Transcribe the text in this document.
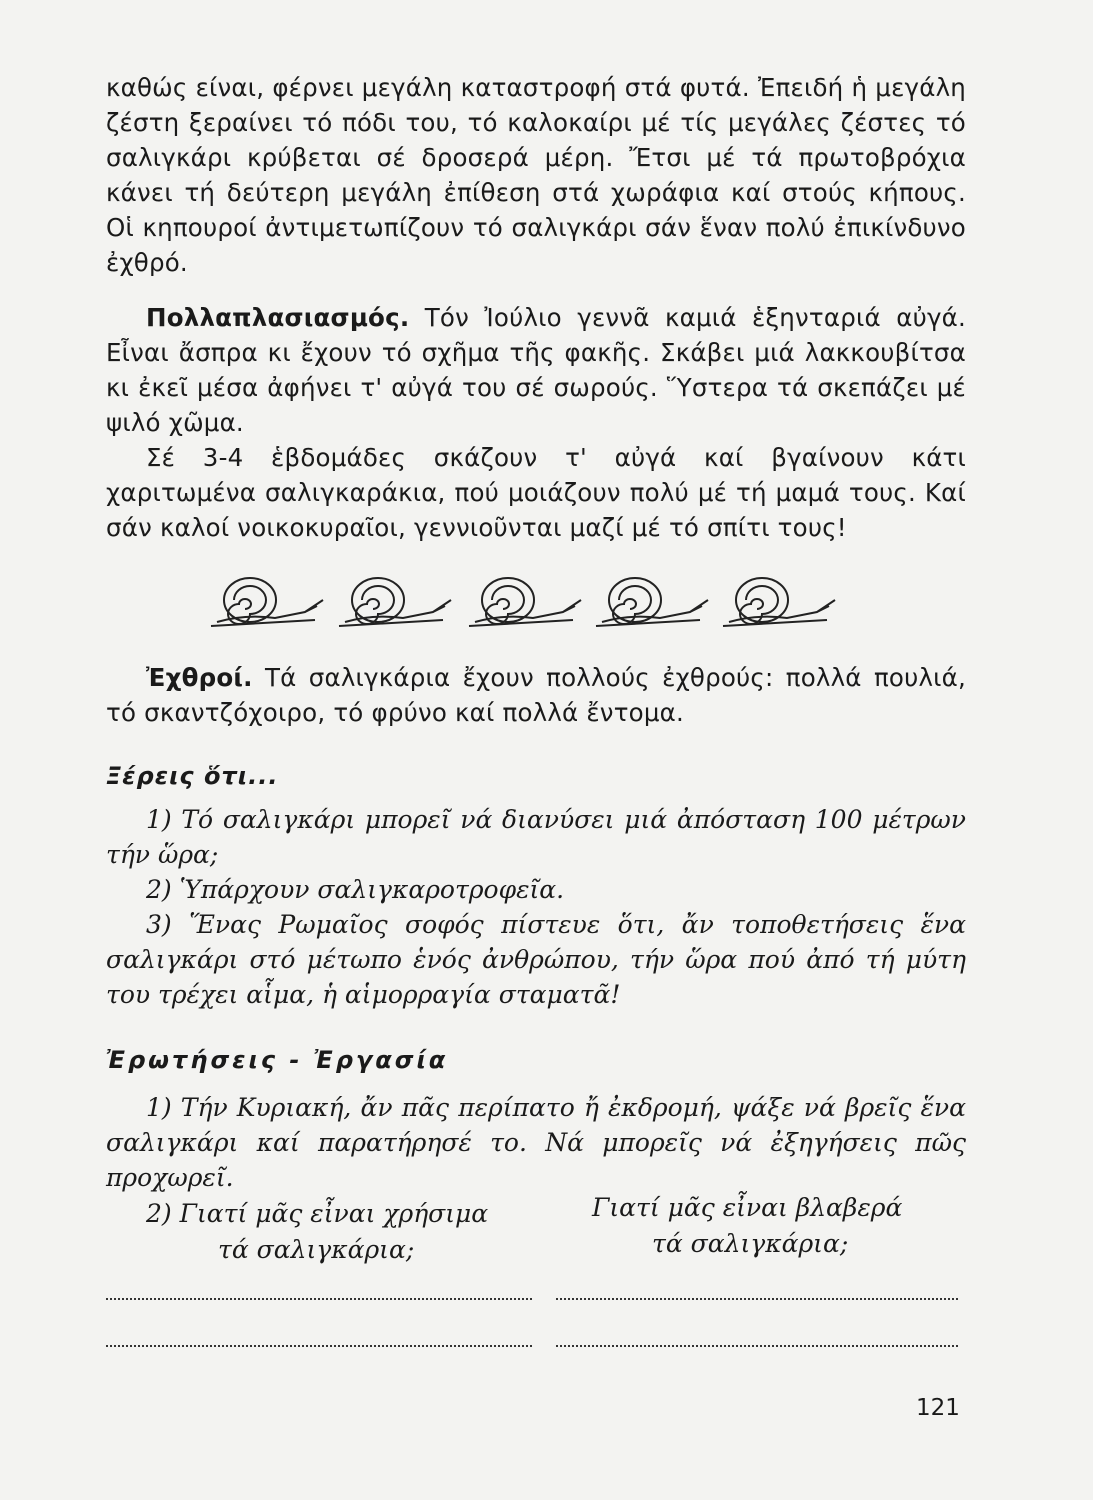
καθώς είναι, φέρνει μεγάλη καταστροφή στά φυτά. Ἐπειδή ἡ μεγάλη ζέστη ξεραίνει τό πόδι του, τό καλοκαίρι μέ τίς μεγάλες ζέστες τό σαλιγκάρι κρύβεται σέ δροσερά μέρη. Ἔτσι μέ τά πρωτοβρόχια κάνει τή δεύτερη μεγάλη ἐπίθεση στά χωράφια καί στούς κήπους. Οἱ κηπουροί ἀντιμετωπίζουν τό σαλιγκάρι σάν ἕναν πολύ ἐπικίνδυνο ἐχθρό.

Πολλαπλασιασμός. Τόν Ἰούλιο γεννᾶ καμιά ἑξηνταριά αὐγά. Εἶναι ἄσπρα κι ἔχουν τό σχῆμα τῆς φακῆς. Σκάβει μιά λακκουβίτσα κι ἐκεῖ μέσα ἀφήνει τ' αὐγά του σέ σωρούς. Ὕστερα τά σκεπάζει μέ ψιλό χῶμα.

Σέ 3-4 ἑβδομάδες σκάζουν τ' αὐγά καί βγαίνουν κάτι χαριτωμένα σαλιγκαράκια, πού μοιάζουν πολύ μέ τή μαμά τους. Καί σάν καλοί νοικοκυραῖοι, γεννιοῦνται μαζί μέ τό σπίτι τους!

Ἐχθροί. Τά σαλιγκάρια ἔχουν πολλούς ἐχθρούς: πολλά πουλιά, τό σκαντζόχοιρο, τό φρύνο καί πολλά ἔντομα.

Ξέρεις ὅτι...

1) Τό σαλιγκάρι μπορεῖ νά διανύσει μιά ἀπόσταση 100 μέτρων τήν ὥρα;

2) Ὑπάρχουν σαλιγκαροτροφεῖα.

3) Ἕνας Ρωμαῖος σοφός πίστευε ὅτι, ἄν τοποθετήσεις ἕνα σαλιγκάρι στό μέτωπο ἑνός ἀνθρώπου, τήν ὥρα πού ἀπό τή μύτη του τρέχει αἷμα, ἡ αἱμορραγία σταματᾶ!

Ἐρωτήσεις - Ἐργασία

1) Τήν Κυριακή, ἄν πᾶς περίπατο ἤ ἐκδρομή, ψάξε νά βρεῖς ἕνα σαλιγκάρι καί παρατήρησέ το. Νά μπορεῖς νά ἐξηγήσεις πῶς προχωρεῖ.

2) Γιατί μᾶς εἶναι χρήσιμα
τά σαλιγκάρια;
Γιατί μᾶς εἶναι βλαβερά
τά σαλιγκάρια;
121
